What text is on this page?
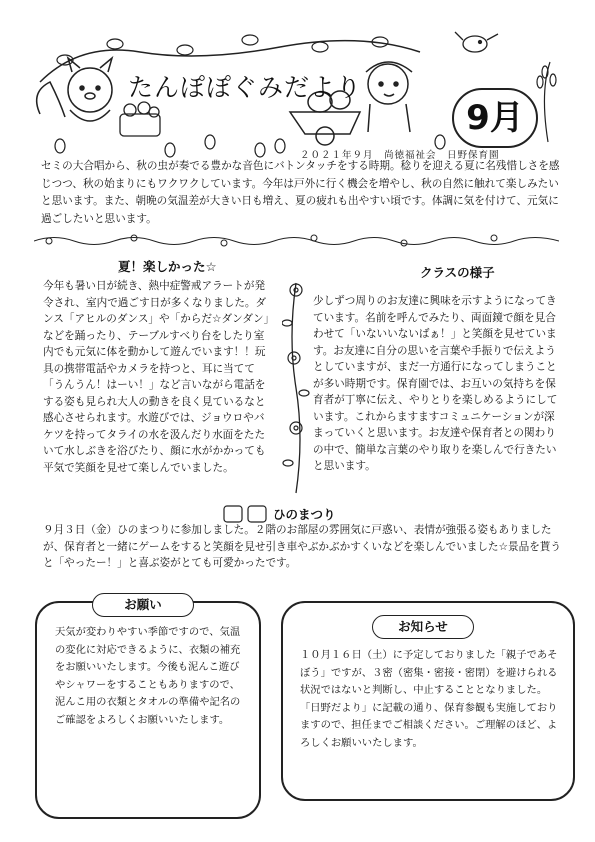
たんぽぽぐみだより
9月
２０２１年９月　尚徳福祉会　日野保育園
セミの大合唱から、秋の虫が奏でる豊かな音色にバトンタッチをする時期。稔りを迎える夏に名残惜しさを感じつつ、秋の始まりにもワクワクしています。今年は戸外に行く機会を増やし、秋の自然に触れて楽しみたいと思います。また、朝晩の気温差が大きい日も増え、夏の疲れも出やすい頃です。体調に気を付けて、元気に過ごしたいと思います。
夏！楽しかった☆
今年も暑い日が続き、熱中症警戒アラートが発令され、室内で過ごす日が多くなりました。ダンス「アヒルのダンス」や「からだ☆ダンダン」などを踊ったり、テーブルすべり台をしたり室内でも元気に体を動かして遊んでいます！！玩具の携帯電話やカメラを持つと、耳に当てて「うんうん！はーい！」など言いながら電話をする姿も見られ大人の動きを良く見ているなと感心させられます。水遊びでは、ジョウロやバケツを持ってタライの水を汲んだり水面をたたいて水しぶきを浴びたり、顔に水がかかっても平気で笑顔を見せて楽しんでいました。
クラスの様子
少しずつ周りのお友達に興味を示すようになってきています。名前を呼んでみたり、両面鏡で顔を見合わせて「いないいないばぁ！」と笑顔を見せています。お友達に自分の思いを言葉や手振りで伝えようとしていますが、まだ一方通行になってしまうことが多い時期です。保育園では、お互いの気持ちを保育者が丁寧に伝え、やりとりを楽しめるようにしています。これからますますコミュニケーションが深まっていくと思います。お友達や保育者との関わりの中で、簡単な言葉のやり取りを楽しんで行きたいと思います。
ひのまつり
９月３日（金）ひのまつりに参加しました。２階のお部屋の雰囲気に戸惑い、表情が強張る姿もありましたが、保育者と一緒にゲームをすると笑顔を見せ引き車やぶかぶかすくいなどを楽しんでいました☆景品を貰うと「やったー！」と喜ぶ姿がとても可愛かったです。
お願い
天気が変わりやすい季節ですので、気温の変化に対応できるように、衣類の補充をお願いいたします。今後も泥んこ遊びやシャワーをすることもありますので、泥んこ用の衣類とタオルの準備や記名のご確認をよろしくお願いいたします。
お知らせ
１０月１６日（土）に予定しておりました「親子であそぼう」ですが、３密（密集・密接・密閉）を避けられる状況ではないと判断し、中止することとなりました。「日野だより」に記載の通り、保育参観も実施しておりますので、担任までご相談ください。ご理解のほど、よろしくお願いいたします。
